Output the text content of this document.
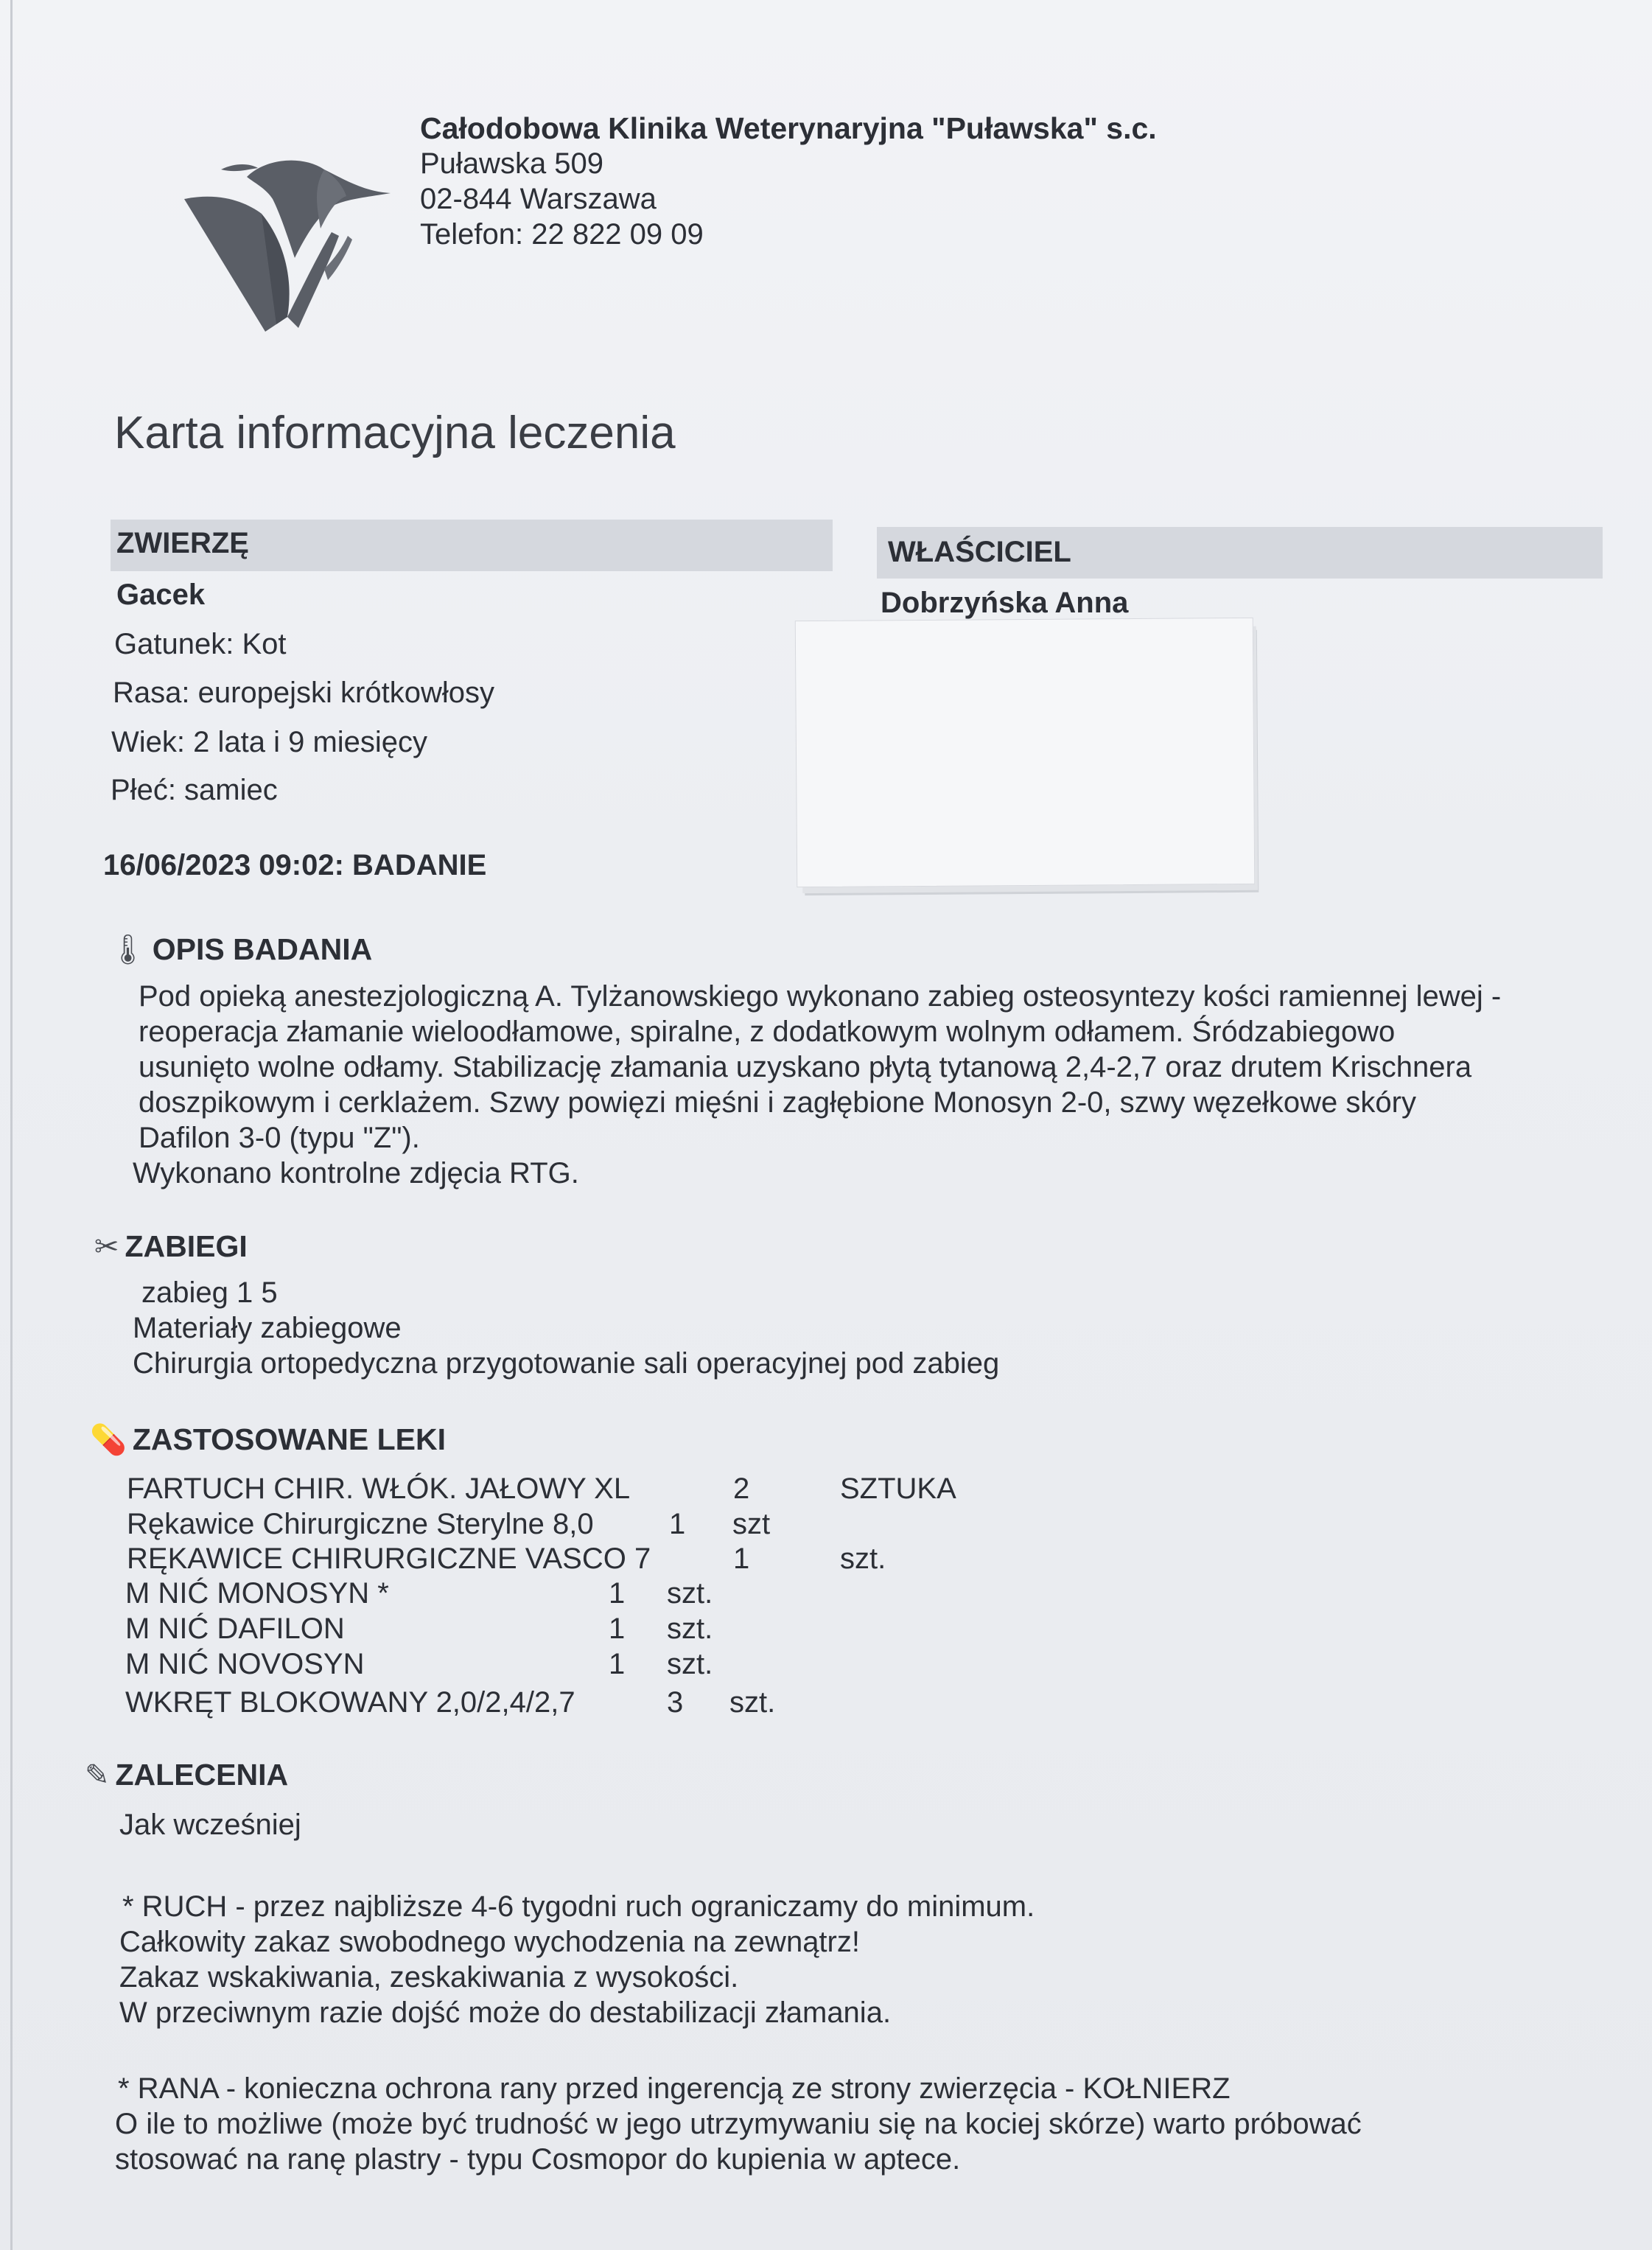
Całodobowa Klinika Weterynaryjna "Puławska" s.c.
Puławska 509
02-844 Warszawa
Telefon: 22 822 09 09
Karta informacyjna leczenia
ZWIERZĘ	WŁAŚCICIEL
Gacek
Gatunek: Kot
Rasa: europejski krótkowłosy
Wiek: 2 lata i 9 miesięcy
Płeć: samiec
Dobrzyńska Anna
16/06/2023 09:02: BADANIE
🌡 OPIS BADANIA
Pod opieką anestezjologiczną A. Tylżanowskiego wykonano zabieg osteosyntezy kości ramiennej lewej -
reoperacja złamanie wieloodłamowe, spiralne, z dodatkowym wolnym odłamem. Śródzabiegowo
usunięto wolne odłamy. Stabilizację złamania uzyskano płytą tytanową 2,4-2,7 oraz drutem Krischnera
doszpikowym i cerklażem. Szwy powięzi mięśni i zagłębione Monosyn 2-0, szwy węzełkowe skóry
Dafilon 3-0 (typu "Z").
Wykonano kontrolne zdjęcia RTG.
✂ ZABIEGI
zabieg 1 5
Materiały zabiegowe
Chirurgia ortopedyczna przygotowanie sali operacyjnej pod zabieg
💊 ZASTOSOWANE LEKI
FARTUCH CHIR. WŁÓK. JAŁOWY XL	2	SZTUKA
Rękawice Chirurgiczne Sterylne 8,0	1 szt
RĘKAWICE CHIRURGICZNE VASCO 7	1	szt.
M NIĆ MONOSYN *	1 szt.
M NIĆ DAFILON	1 szt.
M NIĆ NOVOSYN	1 szt.
WKRĘT BLOKOWANY 2,0/2,4/2,7	3 szt.
✎ ZALECENIA
Jak wcześniej
* RUCH - przez najbliższe 4-6 tygodni ruch ograniczamy do minimum.
Całkowity zakaz swobodnego wychodzenia na zewnątrz!
Zakaz wskakiwania, zeskakiwania z wysokości.
W przeciwnym razie dojść może do destabilizacji złamania.
* RANA - konieczna ochrona rany przed ingerencją ze strony zwierzęcia - KOŁNIERZ
O ile to możliwe (może być trudność w jego utrzymywaniu się na kociej skórze) warto próbować
stosować na ranę plastry - typu Cosmopor do kupienia w aptece.
